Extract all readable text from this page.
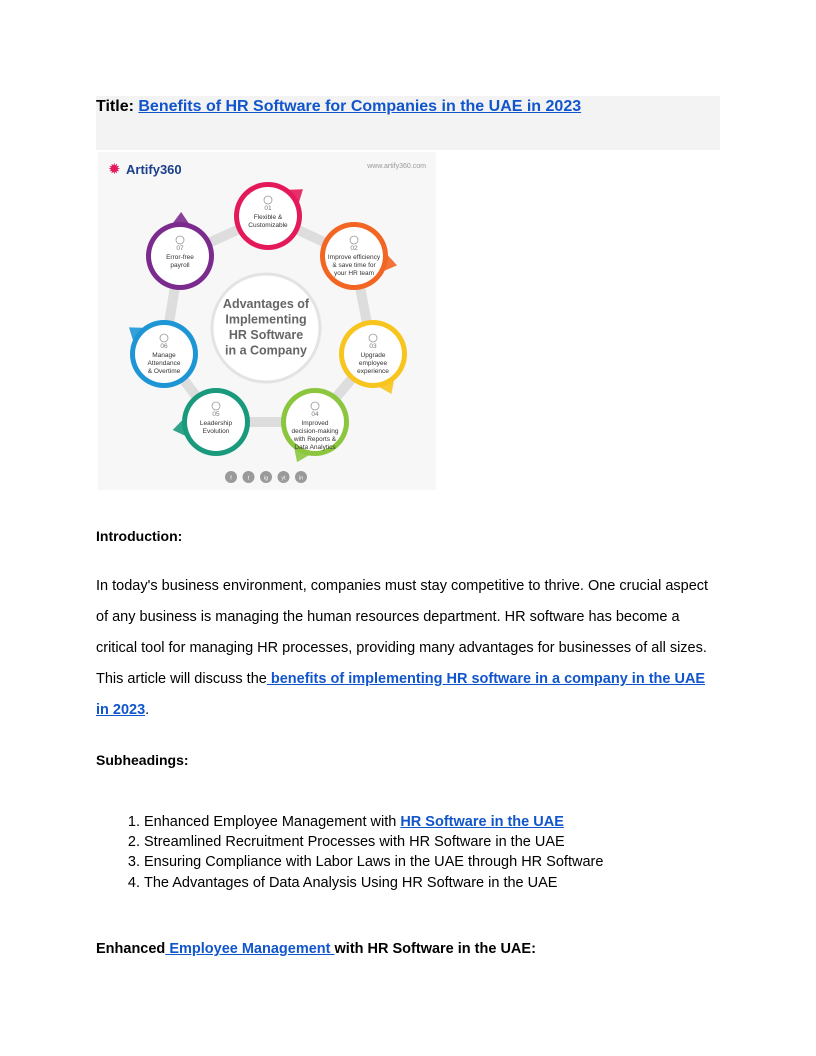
Title: Benefits of HR Software for Companies in the UAE in 2023
✹ Artify360	www.artify360.com
01
Flexible &
Customizable
02
Improve efficiency
& save time for
your HR team
03
Upgrade
employee
experience
04
Improved
decision-making
with Reports &
Data Analytics
05
Leadership
Evolution
06
Manage
Attendance
& Overtime
07
Error-free
payroll
Advantages of
Implementing
HR Software
in a Company
f	t	ig yt in
Introduction:
In today's business environment, companies must stay competitive to thrive. One crucial aspect of any business is managing the human resources department. HR software has become a critical tool for managing HR processes, providing many advantages for businesses of all sizes. This article will discuss the benefits of implementing HR software in a company in the UAE in 2023.
Subheadings:
1. Enhanced Employee Management with HR Software in the UAE
2. Streamlined Recruitment Processes with HR Software in the UAE
3. Ensuring Compliance with Labor Laws in the UAE through HR Software
4. The Advantages of Data Analysis Using HR Software in the UAE
Enhanced Employee Management with HR Software in the UAE:
